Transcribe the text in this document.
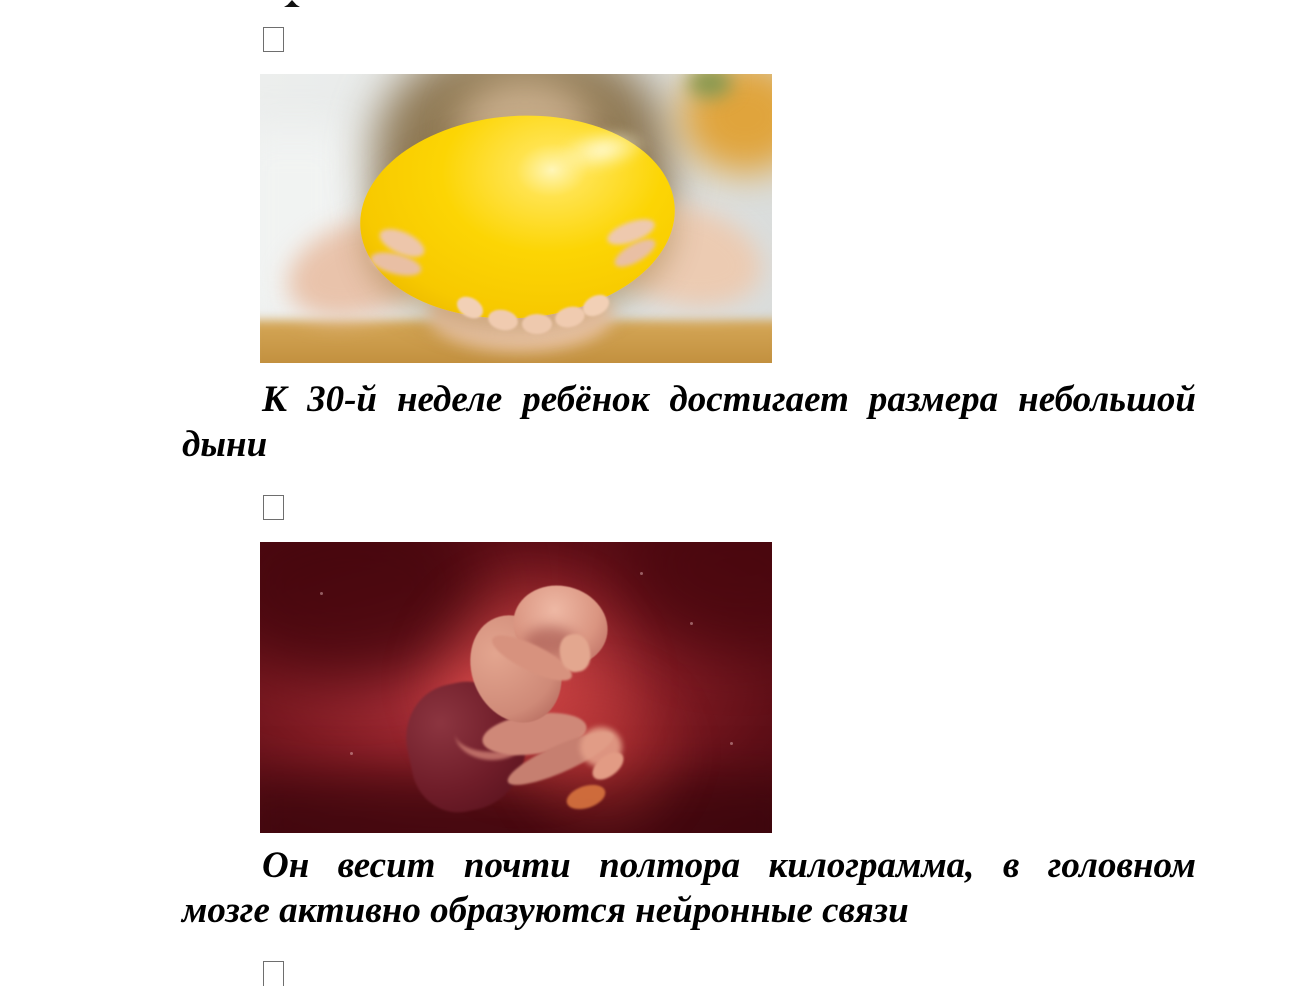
К 30-й неделе ребёнок достигает размера небольшой
дыни
Он весит почти полтора килограмма, в головном
мозге активно образуются нейронные связи
